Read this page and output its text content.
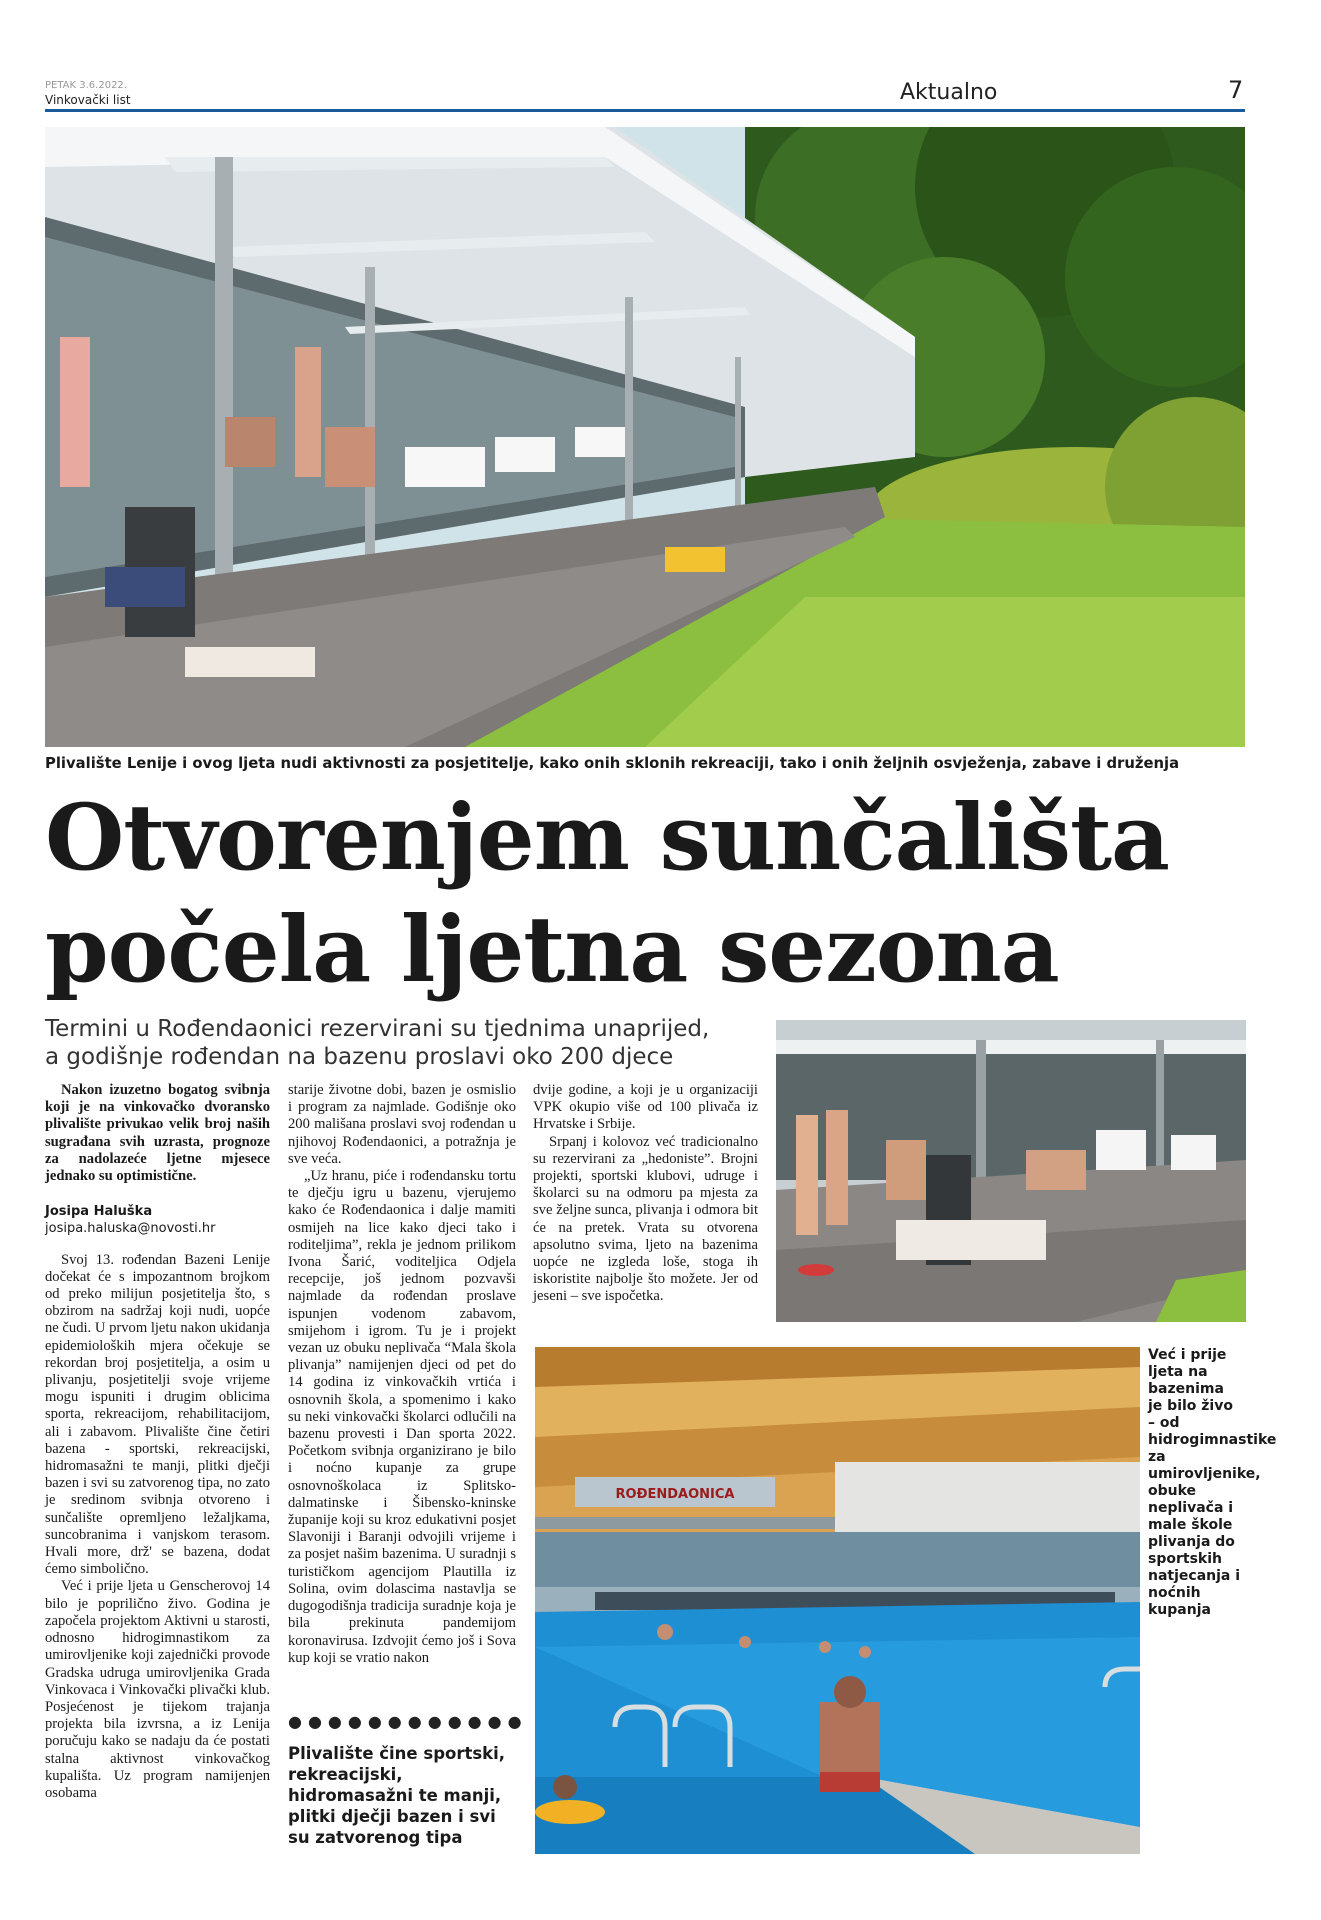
PETAK 3.6.2022.
Vinkovački list	Aktualno	7
Plivalište Lenije i ovog ljeta nudi aktivnosti za posjetitelje, kako onih sklonih rekreaciji, tako i onih željnih osvježenja, zabave i druženja
Otvorenjem sunčališta
počela ljetna sezona
Termini u Rođendaonici rezervirani su tjednima unaprijed,
a godišnje rođendan na bazenu proslavi oko 200 djece

Nakon izuzetno bogatog svibnja koji je na vinkovačko dvoransko plivalište privukao velik broj naših sugrađana svih uzrasta, prognoze za nadolazeće ljetne mjesece jednako su optimistične.

Josipa Haluška
josipa.haluska@novosti.hr

Svoj 13. rođendan Bazeni Lenije dočekat će s impozantnom brojkom od preko milijun posjetitelja što, s obzirom na sadržaj koji nudi, uopće ne čudi. U prvom ljetu nakon ukidanja epidemioloških mjera očekuje se rekordan broj posjetitelja, a osim u plivanju, posjetitelji svoje vrijeme mogu ispuniti i drugim oblicima sporta, rekreacijom, rehabilitacijom, ali i zabavom. Plivalište čine četiri bazena - sportski, rekreacijski, hidromasažni te manji, plitki dječji bazen i svi su zatvorenog tipa, no zato je sredinom svibnja otvoreno i sunčalište opremljeno ležaljkama, suncobranima i vanjskom terasom. Hvali more, drž' se bazena, dodat ćemo simbolično.

Već i prije ljeta u Genscherovoj 14 bilo je poprilično živo. Godina je započela projektom Aktivni u starosti, odnosno hidrogimnastikom za umirovljenike koji zajednički provode Gradska udruga umirovljenika Grada Vinkovaca i Vinkovački plivački klub. Posjećenost je tijekom trajanja projekta bila izvrsna, a iz Lenija poručuju kako se nadaju da će postati stalna aktivnost vinkovačkog kupališta. Uz program namijenjen osobama

starije životne dobi, bazen je osmislio i program za najmlade. Godišnje oko 200 mališana proslavi svoj rođendan u njihovoj Rođendaonici, a potražnja je sve veća.

„Uz hranu, piće i rođendansku tortu te dječju igru u bazenu, vjerujemo kako će Rođendaonica i dalje mamiti osmijeh na lice kako djeci tako i roditeljima”, rekla je jednom prilikom Ivona Šarić, voditeljica Odjela recepcije, još jednom pozvavši najmlade da rođendan proslave ispunjen vodenom zabavom, smijehom i igrom. Tu je i projekt vezan uz obuku neplivača “Mala škola plivanja” namijenjen djeci od pet do 14 godina iz vinkovačkih vrtića i osnovnih škola, a spomenimo i kako su neki vinkovački školarci odlučili na bazenu provesti i Dan sporta 2022. Početkom svibnja organizirano je bilo i noćno kupanje za grupe osnovnoškolaca iz Splitsko-dalmatinske i Šibensko-kninske županije koji su kroz edukativni posjet Slavoniji i Baranji odvojili vrijeme i za posjet našim bazenima. U suradnji s turističkom agencijom Plautilla iz Solina, ovim dolascima nastavlja se dugogodišnja tradicija suradnje koja je bila prekinuta pandemijom koronavirusa. Izdvojit ćemo još i Sova kup koji se vratio nakon

●●●●●●●●●●●●
Plivalište čine sportski, rekreacijski, hidromasažni te manji, plitki dječji bazen i svi su zatvorenog tipa

dvije godine, a koji je u organizaciji VPK okupio više od 100 plivača iz Hrvatske i Srbije.

Srpanj i kolovoz već tradicionalno su rezervirani za „hedoniste”. Brojni projekti, sportski klubovi, udruge i školarci su na odmoru pa mjesta za sve željne sunca, plivanja i odmora bit će na pretek. Vrata su otvorena apsolutno svima, ljeto na bazenima uopće ne izgleda loše, stoga ih iskoristite najbolje što možete. Jer od jeseni – sve ispočetka.

ROĐENDAONICA
Već i prije ljeta na bazenima je bilo živo – od hidrogimnastike za umirovljenike, obuke neplivača i male škole plivanja do sportskih natjecanja i noćnih kupanja
